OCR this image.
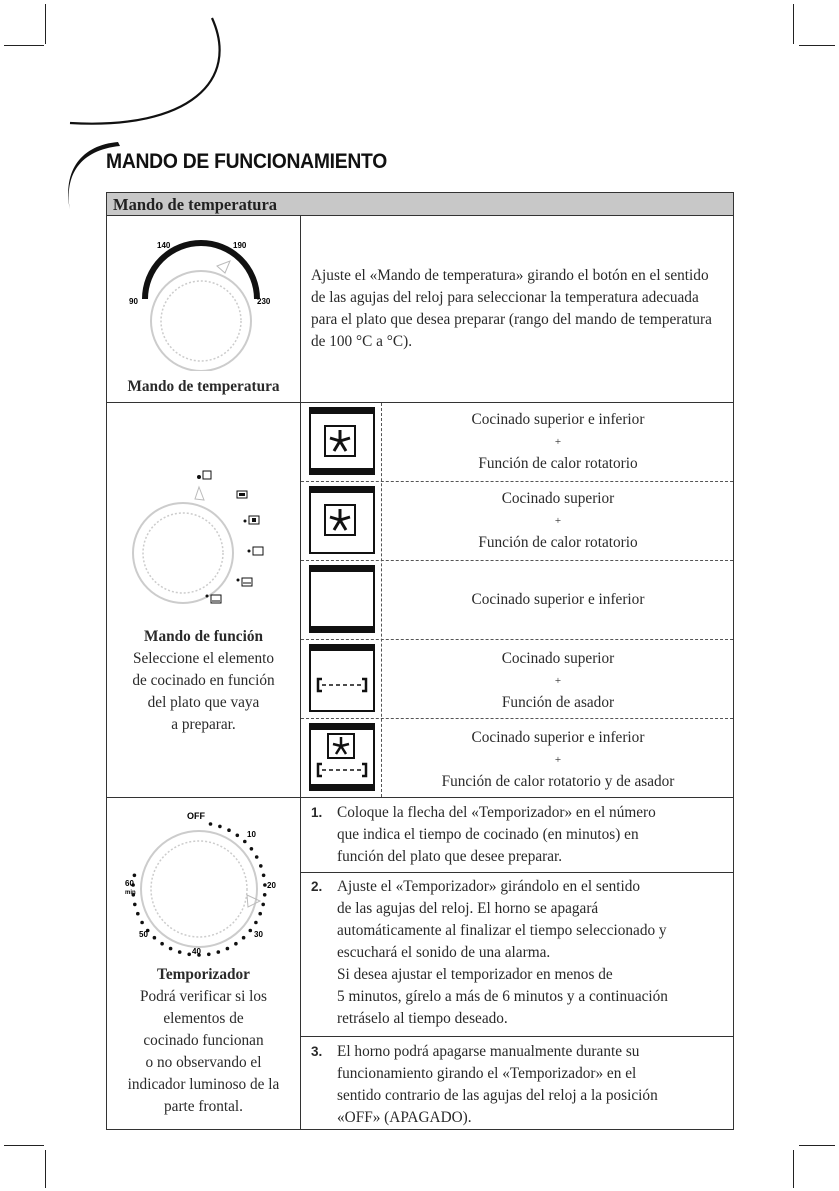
MANDO DE FUNCIONAMIENTO
Mando de temperatura
90
140	190
230
Mando de temperatura
Ajuste el «Mando de temperatura» girando el botón en el sentido de las agujas del reloj para seleccionar la temperatura adecuada para el plato que desea preparar (rango del mando de temperatura de 100 °C a °C).
Mando de función
Seleccione el elemento
de cocinado en función
del plato que vaya
a preparar.
Cocinado superior e inferior
+
Función de calor rotatorio
Cocinado superior
+
Función de calor rotatorio
Cocinado superior e inferior
Cocinado superior
+
Función de asador
Cocinado superior e inferior
+
Función de calor rotatorio y de asador
OFF
10
20
30
40
50
60
min
Temporizador
Podrá verificar si los
elementos de
cocinado funcionan
o no observando el
indicador luminoso de la
parte frontal.
1. Coloque la flecha del «Temporizador» en el número
que indica el tiempo de cocinado (en minutos) en
función del plato que desee preparar.
2. Ajuste el «Temporizador» girándolo en el sentido
de las agujas del reloj. El horno se apagará
automáticamente al finalizar el tiempo seleccionado y
escuchará el sonido de una alarma.
Si desea ajustar el temporizador en menos de
5 minutos, gírelo a más de 6 minutos y a continuación
retráselo al tiempo deseado.
3. El horno podrá apagarse manualmente durante su
funcionamiento girando el «Temporizador» en el
sentido contrario de las agujas del reloj a la posición
«OFF» (APAGADO).
